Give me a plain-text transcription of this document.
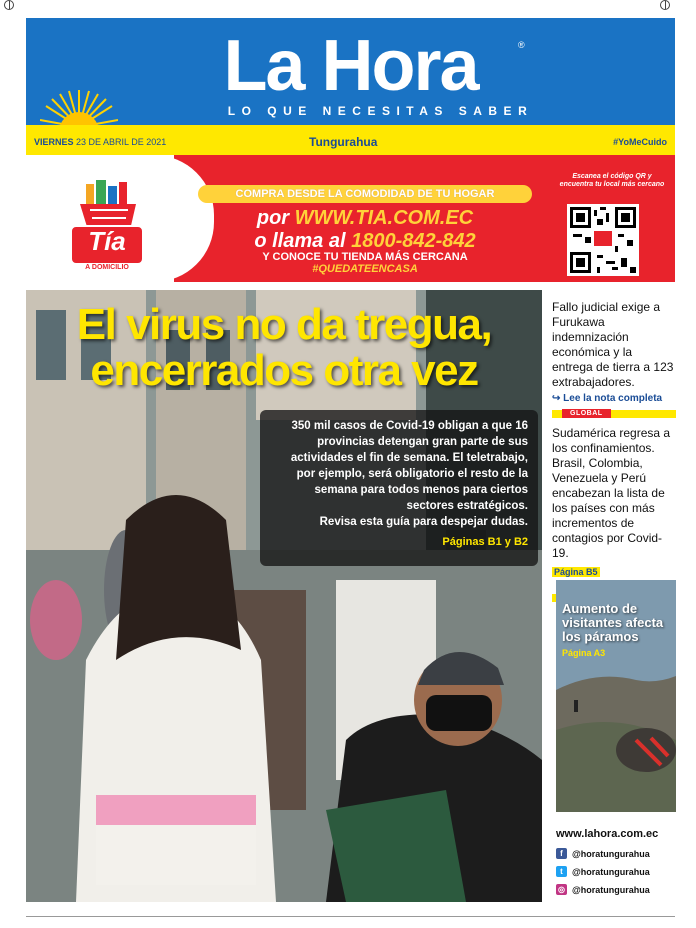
La Hora	®
LO QUE NECESITAS SABER
VIERNES 23 DE ABRIL DE 2021	Tungurahua	#YoMeCuido
Tía
A DOMICILIO
COMPRA DESDE LA COMODIDAD DE TU HOGAR
por WWW.TIA.COM.EC
o llama al 1800-842-842
Y CONOCE TU TIENDA MÁS CERCANA
#QUEDATEENCASA
Escanea el código QR y encuentra tu local más cercano
El virus no da tregua,
encerrados otra vez
350 mil casos de Covid-19 obligan a que 16 provincias detengan gran parte de sus actividades el fin de semana. El teletrabajo, por ejemplo, será obligatorio el resto de la semana para todos menos para ciertos sectores estratégicos.
Revisa esta guía para despejar dudas.
Páginas B1 y B2
Fallo judicial exige a Furukawa indemnización económica y la entrega de tierra a 123 extrabajadores.
↪ Lee la nota completa
GLOBAL
Sudamérica regresa a los confinamientos. Brasil, Colombia, Venezuela y Perú encabezan la lista de los países con más incrementos de contagios por Covid-19.
Página B5
Aumento de visitantes afecta los páramos
Página A3
www.lahora.com.ec
f	@horatungurahua
t	@horatungurahua
◎ @horatungurahua
